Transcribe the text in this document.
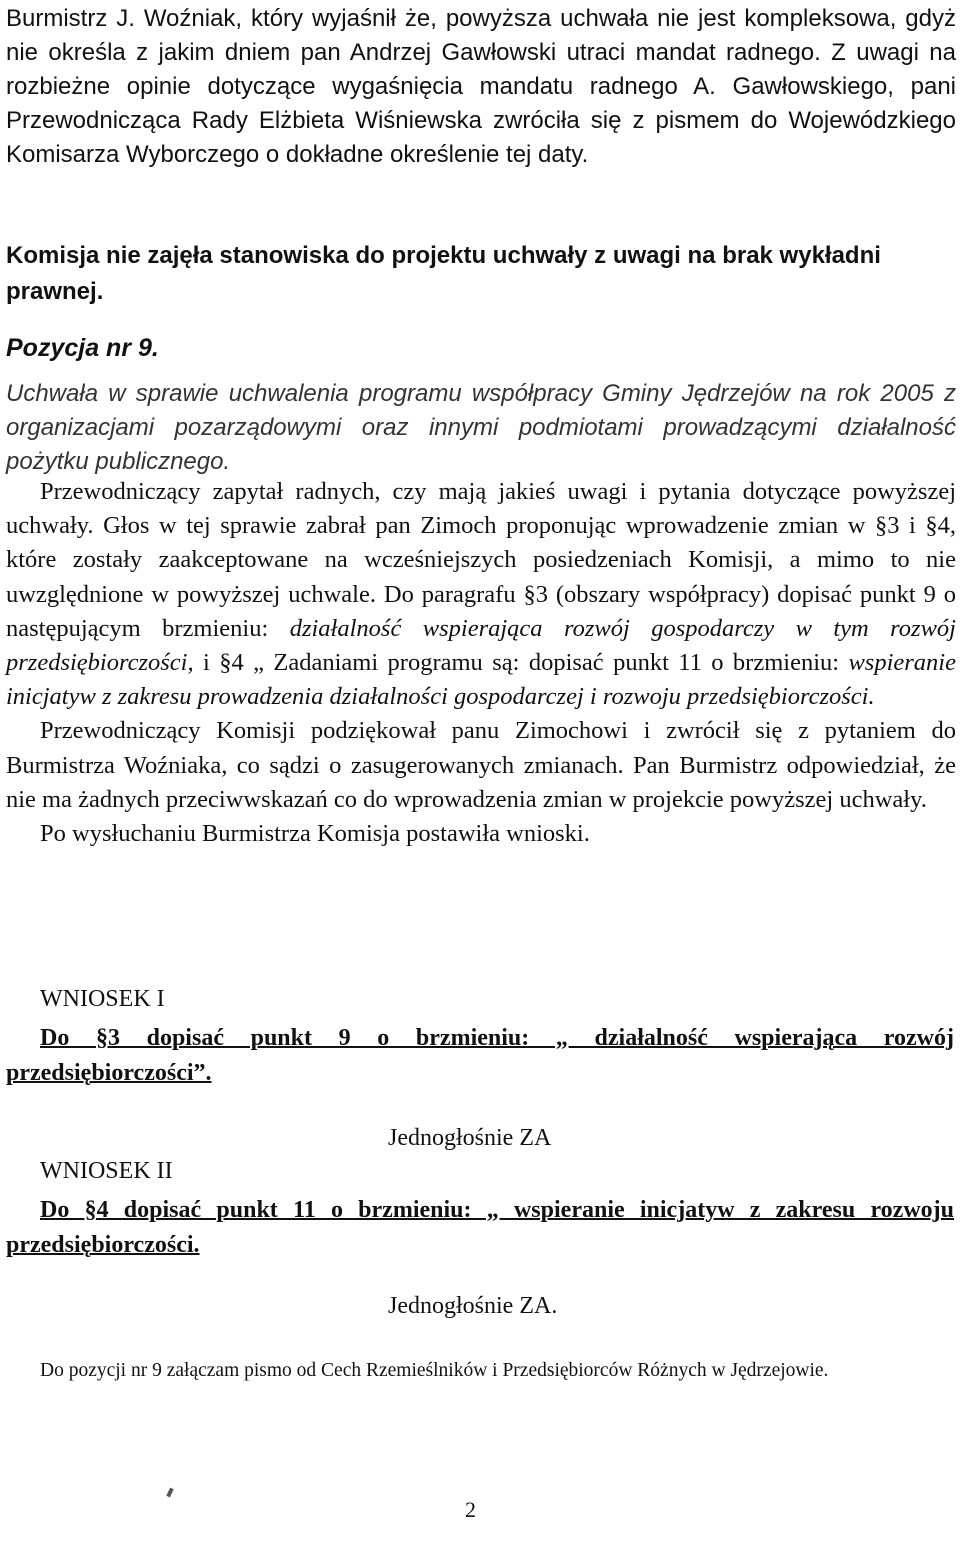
Burmistrz J. Woźniak, który wyjaśnił że, powyższa uchwała nie jest kompleksowa, gdyż nie określa z jakim dniem pan Andrzej Gawłowski utraci mandat radnego. Z uwagi na rozbieżne opinie dotyczące wygaśnięcia mandatu radnego A. Gawłowskiego, pani Przewodnicząca Rady Elżbieta Wiśniewska zwróciła się z pismem do Wojewódzkiego Komisarza Wyborczego o dokładne określenie tej daty.

Komisja nie zajęła stanowiska do projektu uchwały z uwagi na brak wykładni prawnej.

Pozycja nr 9.

Uchwała w sprawie uchwalenia programu współpracy Gminy Jędrzejów na rok 2005 z organizacjami pozarządowymi oraz innymi podmiotami prowadzącymi działalność pożytku publicznego.

Przewodniczący zapytał radnych, czy mają jakieś uwagi i pytania dotyczące powyższej uchwały. Głos w tej sprawie zabrał pan Zimoch proponując wprowadzenie zmian w §3 i §4, które zostały zaakceptowane na wcześniejszych posiedzeniach Komisji, a mimo to nie uwzględnione w powyższej uchwale. Do paragrafu §3 (obszary współpracy) dopisać punkt 9 o następującym brzmieniu: działalność wspierająca rozwój gospodarczy w tym rozwój przedsiębiorczości, i §4 „ Zadaniami programu są: dopisać punkt 11 o brzmieniu: wspieranie inicjatyw z zakresu prowadzenia działalności gospodarczej i rozwoju przedsiębiorczości.
Przewodniczący Komisji podziękował panu Zimochowi i zwrócił się z pytaniem do Burmistrza Woźniaka, co sądzi o zasugerowanych zmianach. Pan Burmistrz odpowiedział, że nie ma żadnych przeciwwskazań co do wprowadzenia zmian w projekcie powyższej uchwały.
Po wysłuchaniu Burmistrza Komisja postawiła wnioski.

WNIOSEK I

Do §3 dopisać punkt 9 o brzmieniu: „ działalność wspierająca rozwój przedsiębiorczości”.

Jednogłośnie ZA

WNIOSEK II

Do §4 dopisać punkt 11 o brzmieniu: „ wspieranie inicjatyw z zakresu rozwoju przedsiębiorczości.

Jednogłośnie ZA.

Do pozycji nr 9 załączam pismo od Cech Rzemieślników i Przedsiębiorców Różnych w Jędrzejowie.

2
